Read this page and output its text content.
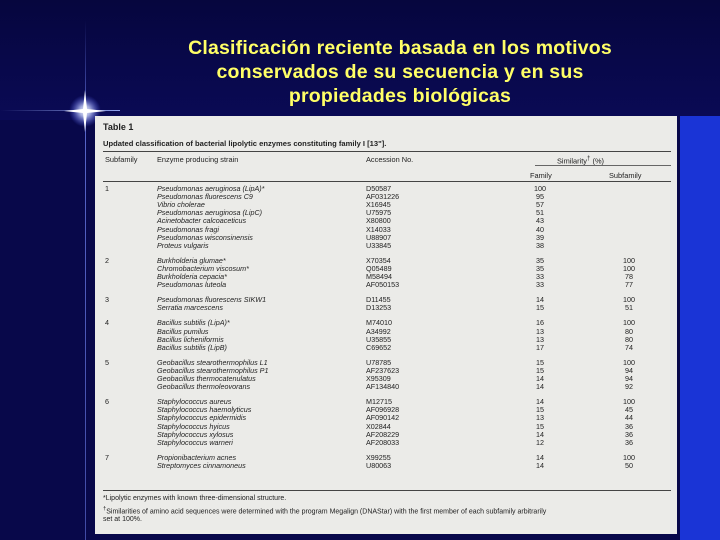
Clasificación reciente basada en los motivos
conservados de su secuencia y en sus
propiedades biológicas
Table 1
Updated classification of bacterial lipolytic enzymes constituting family I [13"].
Subfamily	Enzyme producing strain	Accession No.	Similarity† (%)
Family	Subfamily
1	Pseudomonas aeruginosa (LipA)*	D50587	100
Pseudomonas fluorescens C9	AF031226	95
Vibrio cholerae	X16945	57
Pseudomonas aeruginosa (LipC)	U75975	51
Acinetobacter calcoaceticus	X80800	43
Pseudomonas fragi	X14033	40
Pseudomonas wisconsinensis	U88907	39
Proteus vulgaris	U33845	38
2	Burkholderia glumae*	X70354	35	100
Chromobacterium viscosum*	Q05489	35	100
Burkholderia cepacia*	M58494	33	78
Pseudomonas luteola	AF050153	33	77
3	Pseudomonas fluorescens SIKW1	D11455	14	100
Serratia marcescens	D13253	15	51
4	Bacillus subtilis (LipA)*	M74010	16	100
Bacillus pumilus	A34992	13	80
Bacillus licheniformis	U35855	13	80
Bacillus subtilis (LipB)	C69652	17	74
5	Geobacillus stearothermophilus L1	U78785	15	100
Geobacillus stearothermophilus P1	AF237623	15	94
Geobacillus thermocatenulatus	X95309	14	94
Geobacillus thermoleovorans	AF134840	14	92
6	Staphylococcus aureus	M12715	14	100
Staphylococcus haemolyticus	AF096928	15	45
Staphylococcus epidermidis	AF090142	13	44
Staphylococcus hyicus	X02844	15	36
Staphylococcus xylosus	AF208229	14	36
Staphylococcus warneri	AF208033	12	36
7	Propionibacterium acnes	X99255	14	100
Streptomyces cinnamoneus	U80063	14	50
*Lipolytic enzymes with known three-dimensional structure.
†Similarities of amino acid sequences were determined with the program Megalign (DNAStar) with the first member of each subfamily arbitrarily
set at 100%.
